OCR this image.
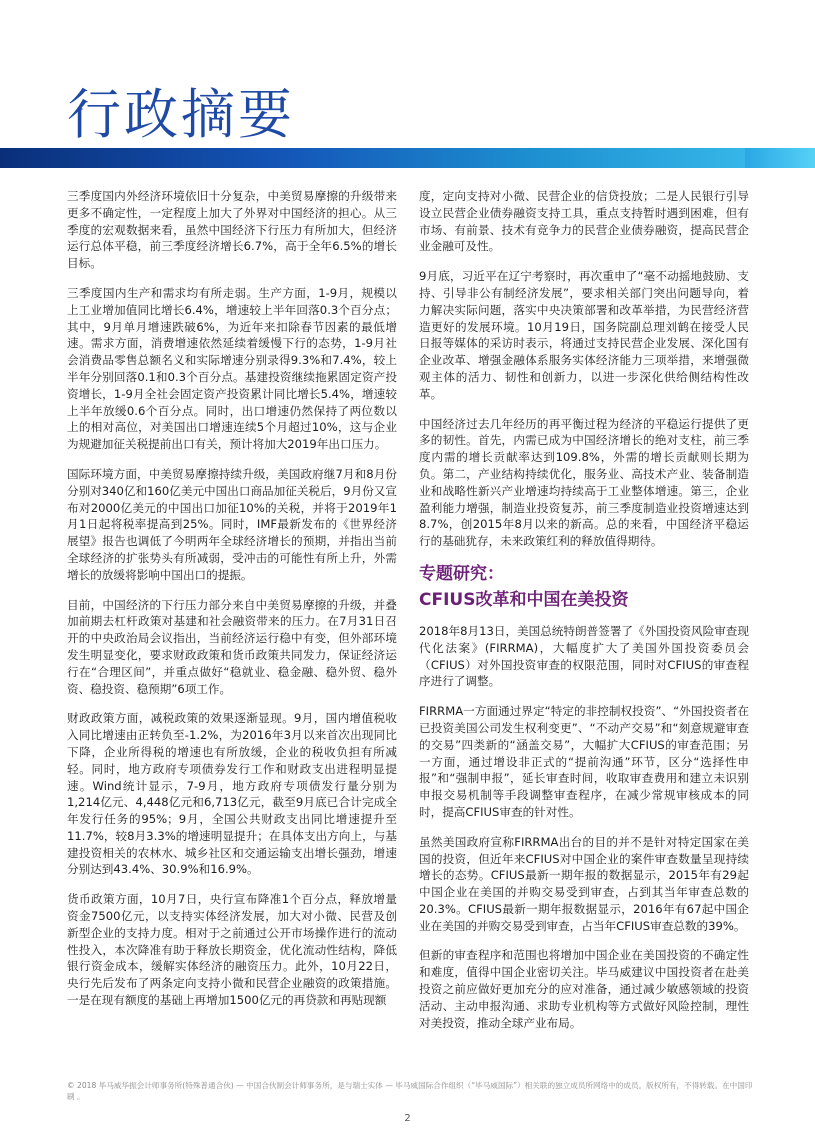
行政摘要

三季度国内外经济环境依旧十分复杂，中美贸易摩擦的升级带来更多不确定性，一定程度上加大了外界对中国经济的担心。从三季度的宏观数据来看，虽然中国经济下行压力有所加大，但经济运行总体平稳，前三季度经济增长6.7%，高于全年6.5%的增长目标。

三季度国内生产和需求均有所走弱。生产方面，1-9月，规模以上工业增加值同比增长6.4%，增速较上半年回落0.3个百分点；其中，9月单月增速跌破6%，为近年来扣除春节因素的最低增速。需求方面，消费增速依然延续着缓慢下行的态势，1-9月社会消费品零售总额名义和实际增速分别录得9.3%和7.4%，较上半年分别回落0.1和0.3个百分点。基建投资继续拖累固定资产投资增长，1-9月全社会固定资产投资累计同比增长5.4%，增速较上半年放缓0.6个百分点。同时，出口增速仍然保持了两位数以上的相对高位，对美国出口增速连续5个月超过10%，这与企业为规避加征关税提前出口有关，预计将加大2019年出口压力。

国际环境方面，中美贸易摩擦持续升级，美国政府继7月和8月份分别对340亿和160亿美元中国出口商品加征关税后，9月份又宣布对2000亿美元的中国出口加征10%的关税，并将于2019年1月1日起将税率提高到25%。同时，IMF最新发布的《世界经济展望》报告也调低了今明两年全球经济增长的预期，并指出当前全球经济的扩张势头有所减弱，受冲击的可能性有所上升，外需增长的放缓将影响中国出口的提振。

目前，中国经济的下行压力部分来自中美贸易摩擦的升级，并叠加前期去杠杆政策对基建和社会融资带来的压力。在7月31日召开的中央政治局会议指出，当前经济运行稳中有变，但外部环境发生明显变化，要求财政政策和货币政策共同发力，保证经济运行在“合理区间”，并重点做好“稳就业、稳金融、稳外贸、稳外资、稳投资、稳预期”6项工作。

财政政策方面，减税政策的效果逐渐显现。9月，国内增值税收入同比增速由正转负至-1.2%，为2016年3月以来首次出现同比下降，企业所得税的增速也有所放缓，企业的税收负担有所减轻。同时，地方政府专项债券发行工作和财政支出进程明显提速。Wind统计显示，7-9月，地方政府专项债发行量分别为1,214亿元、4,448亿元和6,713亿元，截至9月底已合计完成全年发行任务的95%；9月，全国公共财政支出同比增速提升至11.7%，较8月3.3%的增速明显提升；在具体支出方向上，与基建投资相关的农林水、城乡社区和交通运输支出增长强劲，增速分别达到43.4%、30.9%和16.9%。

货币政策方面，10月7日，央行宣布降准1个百分点，释放增量资金7500亿元，以支持实体经济发展，加大对小微、民营及创新型企业的支持力度。相对于之前通过公开市场操作进行的流动性投入，本次降准有助于释放长期资金，优化流动性结构，降低银行资金成本，缓解实体经济的融资压力。此外，10月22日，央行先后发布了两条定向支持小微和民营企业融资的政策措施。一是在现有额度的基础上再增加1500亿元的再贷款和再贴现额

度，定向支持对小微、民营企业的信贷投放；二是人民银行引导设立民营企业债券融资支持工具，重点支持暂时遇到困难，但有市场、有前景、技术有竞争力的民营企业债券融资，提高民营企业金融可及性。

9月底，习近平在辽宁考察时，再次重申了“毫不动摇地鼓励、支持、引导非公有制经济发展”，要求相关部门突出问题导向，着力解决实际问题，落实中央决策部署和改革举措，为民营经济营造更好的发展环境。10月19日，国务院副总理刘鹤在接受人民日报等媒体的采访时表示，将通过支持民营企业发展、深化国有企业改革、增强金融体系服务实体经济能力三项举措，来增强微观主体的活力、韧性和创新力，以进一步深化供给侧结构性改革。

中国经济过去几年经历的再平衡过程为经济的平稳运行提供了更多的韧性。首先，内需已成为中国经济增长的绝对支柱，前三季度内需的增长贡献率达到109.8%，外需的增长贡献则长期为负。第二，产业结构持续优化，服务业、高技术产业、装备制造业和战略性新兴产业增速均持续高于工业整体增速。第三，企业盈利能力增强，制造业投资复苏，前三季度制造业投资增速达到 8.7%，创2015年8月以来的新高。总的来看，中国经济平稳运行的基础犹存，未来政策红利的释放值得期待。

专题研究：
CFIUS改革和中国在美投资

2018年8月13日，美国总统特朗普签署了《外国投资风险审查现代化法案》(FIRRMA)，大幅度扩大了美国外国投资委员会（CFIUS）对外国投资审查的权限范围，同时对CFIUS的审查程序进行了调整。

FIRRMA一方面通过界定“特定的非控制权投资”、“外国投资者在已投资美国公司发生权利变更”、“不动产交易”和“刻意规避审查的交易”四类新的“涵盖交易”，大幅扩大CFIUS的审查范围；另一方面，通过增设非正式的“提前沟通”环节，区分“选择性申报”和“强制申报”，延长审查时间，收取审查费用和建立未识别申报交易机制等手段调整审查程序，在减少常规审核成本的同时，提高CFIUS审查的针对性。

虽然美国政府宣称FIRRMA出台的目的并不是针对特定国家在美国的投资，但近年来CFIUS对中国企业的案件审查数量呈现持续增长的态势。CFIUS最新一期年报的数据显示，2015年有29起中国企业在美国的并购交易受到审查，占到其当年审查总数的20.3%。CFIUS最新一期年报数据显示，2016年有67起中国企业在美国的并购交易受到审查，占当年CFIUS审查总数的39%。

但新的审查程序和范围也将增加中国企业在美国投资的不确定性和难度，值得中国企业密切关注。毕马威建议中国投资者在赴美投资之前应做好更加充分的应对准备，通过减少敏感领域的投资活动、主动申报沟通、求助专业机构等方式做好风险控制，理性对美投资，推动全球产业布局。

© 2018 毕马威华振会计师事务所(特殊普通合伙) — 中国合伙制会计师事务所，是与瑞士实体 — 毕马威国际合作组织（“毕马威国际”）相关联的独立成员所网络中的成员。版权所有，不得转载。在中国印刷 。
2
